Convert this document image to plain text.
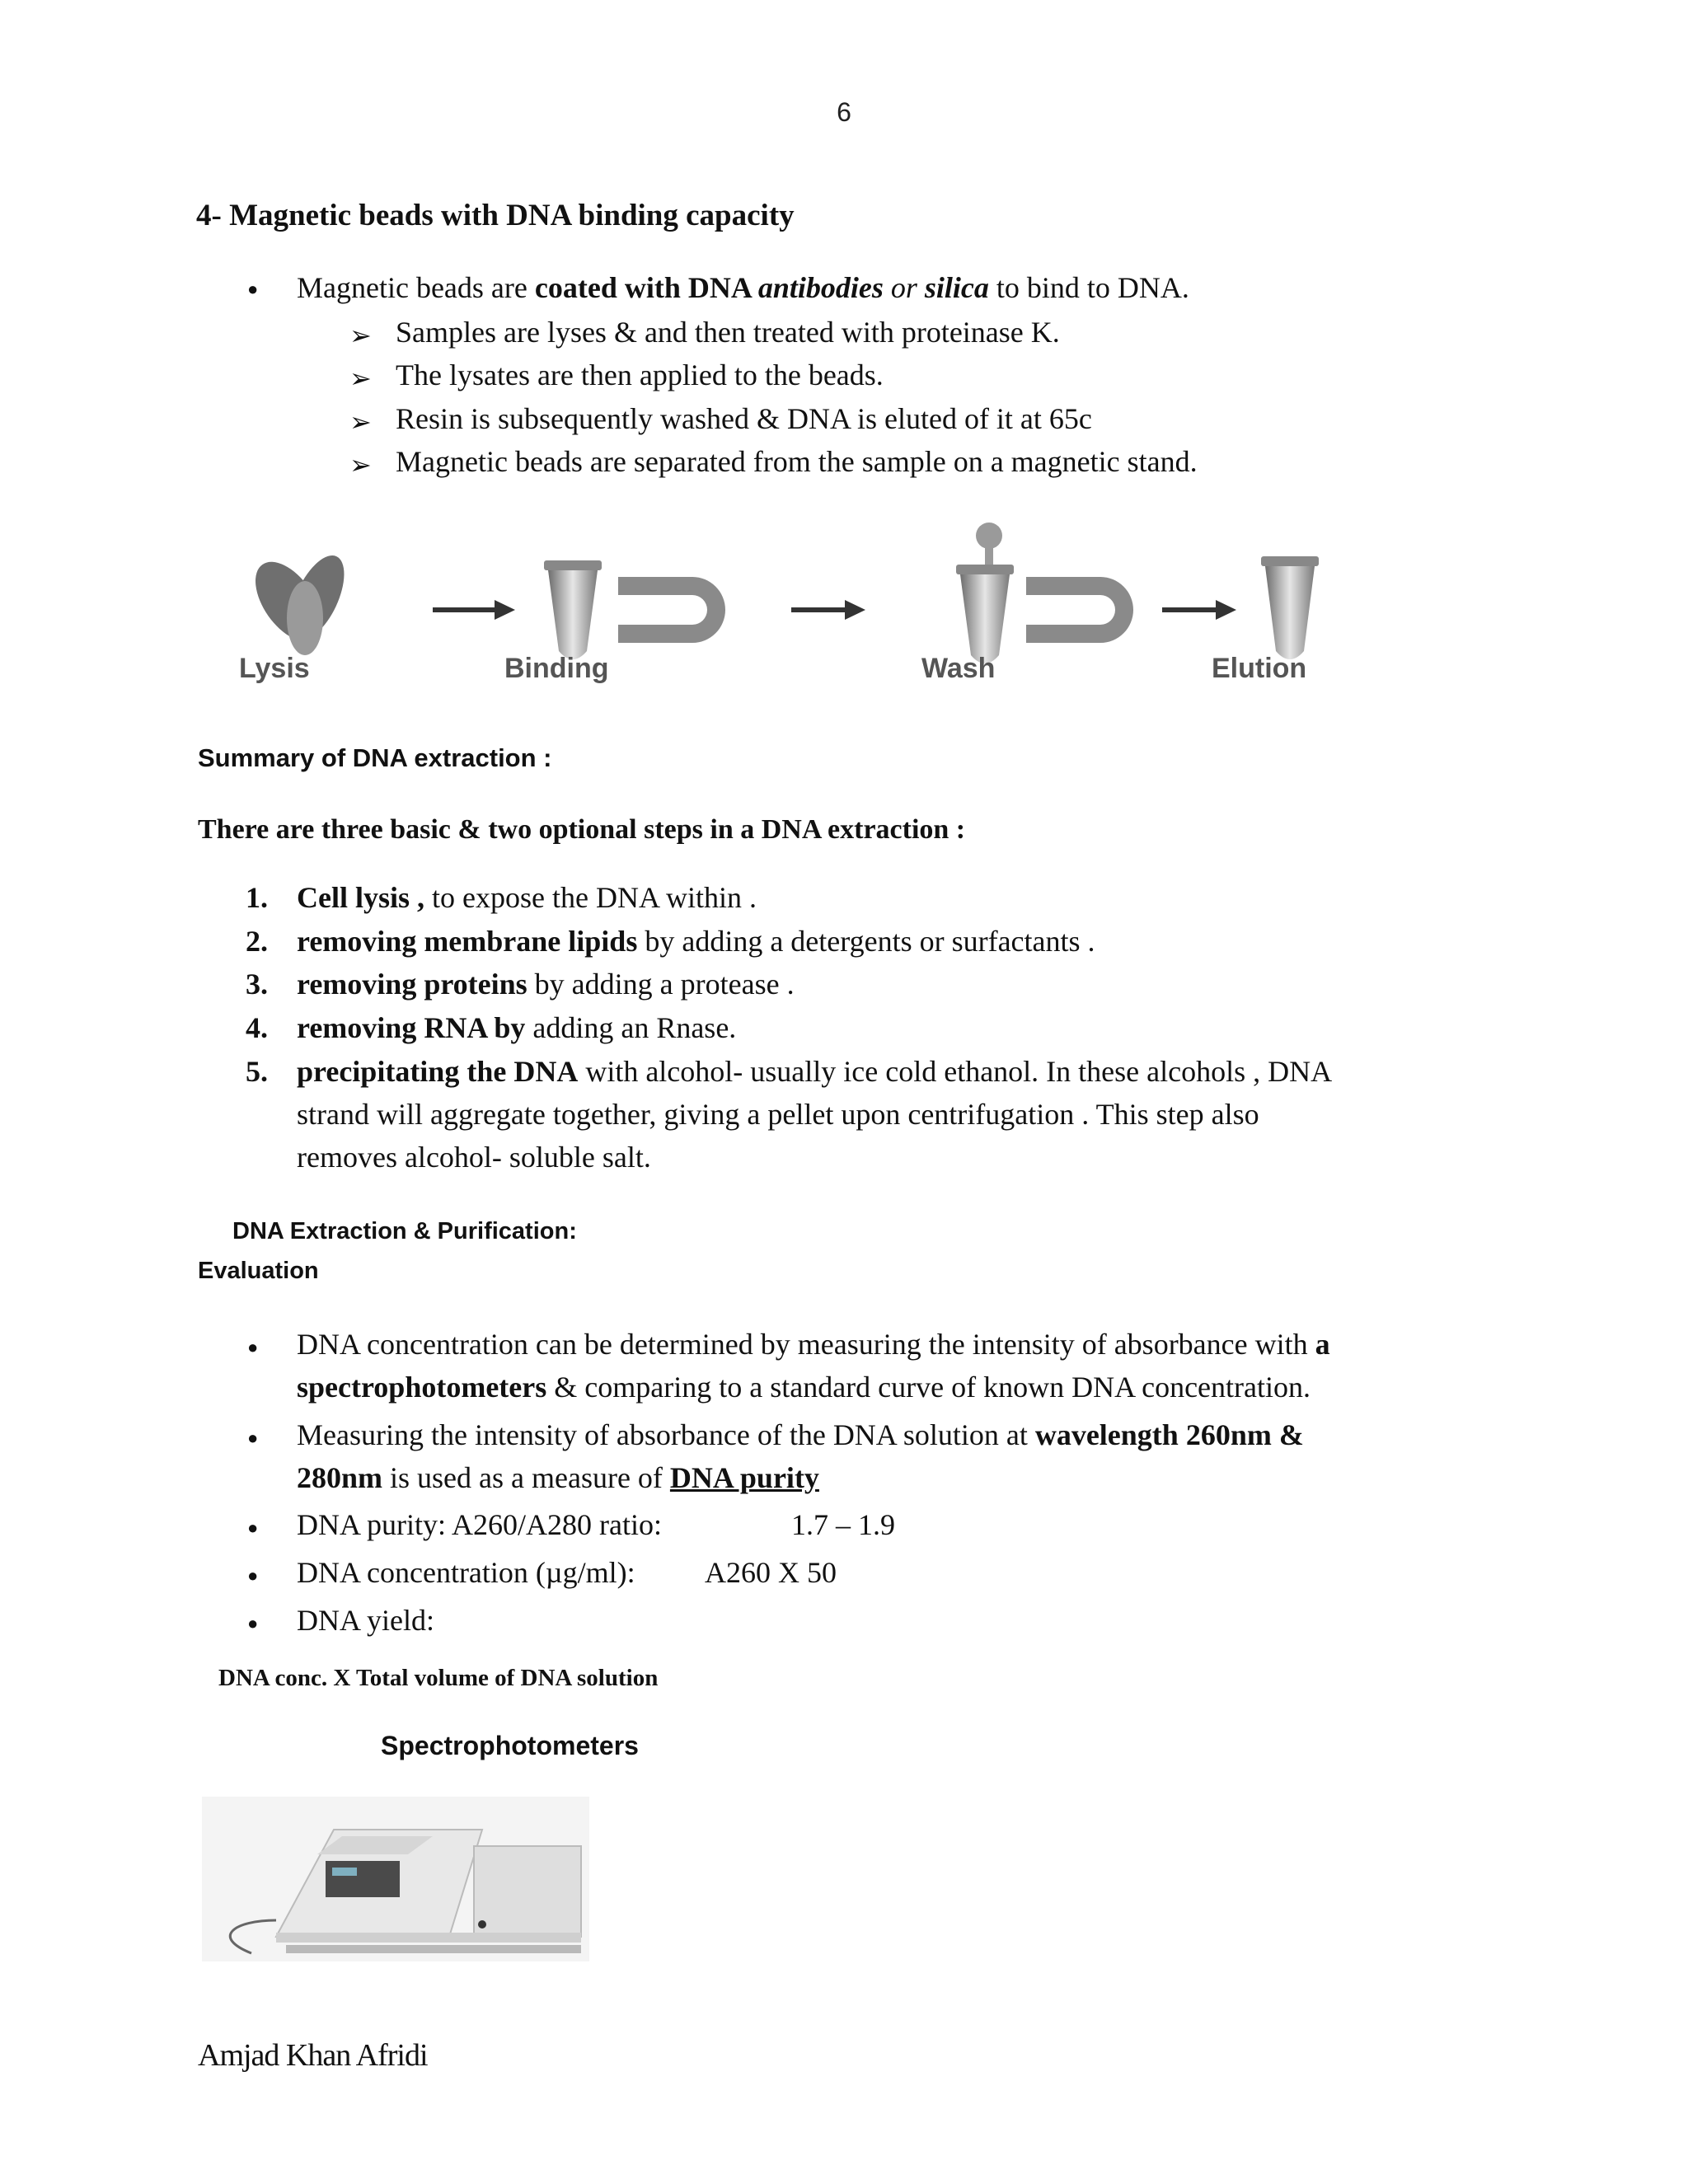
6
4- Magnetic beads with DNA binding capacity
● Magnetic beads are coated with DNA antibodies or silica to bind to DNA.
➢ Samples are lyses & and then treated with proteinase K.
➢ The lysates are then applied to the beads.
➢ Resin is subsequently washed & DNA is eluted of it at 65c
➢ Magnetic beads are separated from the sample on a magnetic stand.
Lysis	Binding	Wash	Elution
Summary of DNA extraction :
There are three basic & two optional steps in a DNA extraction :
1. Cell lysis , to expose the DNA within .
2. removing membrane lipids by adding a detergents or surfactants .
3. removing proteins by adding a protease .
4. removing RNA by adding an Rnase.
5. precipitating the DNA with alcohol- usually ice cold ethanol. In these alcohols , DNA
strand will aggregate together, giving a pellet upon centrifugation . This step also
removes alcohol- soluble salt.
DNA Extraction & Purification:
Evaluation
● DNA concentration can be determined by measuring the intensity of absorbance with a
spectrophotometers & comparing to a standard curve of known DNA concentration.
● Measuring the intensity of absorbance of the DNA solution at wavelength 260nm &
280nm is used as a measure of DNA purity
● DNA purity: A260/A280 ratio:	1.7 – 1.9
● DNA concentration (µg/ml): A260 X 50
● DNA yield:
DNA conc. X Total volume of DNA solution
Spectrophotometers
Amjad Khan Afridi
